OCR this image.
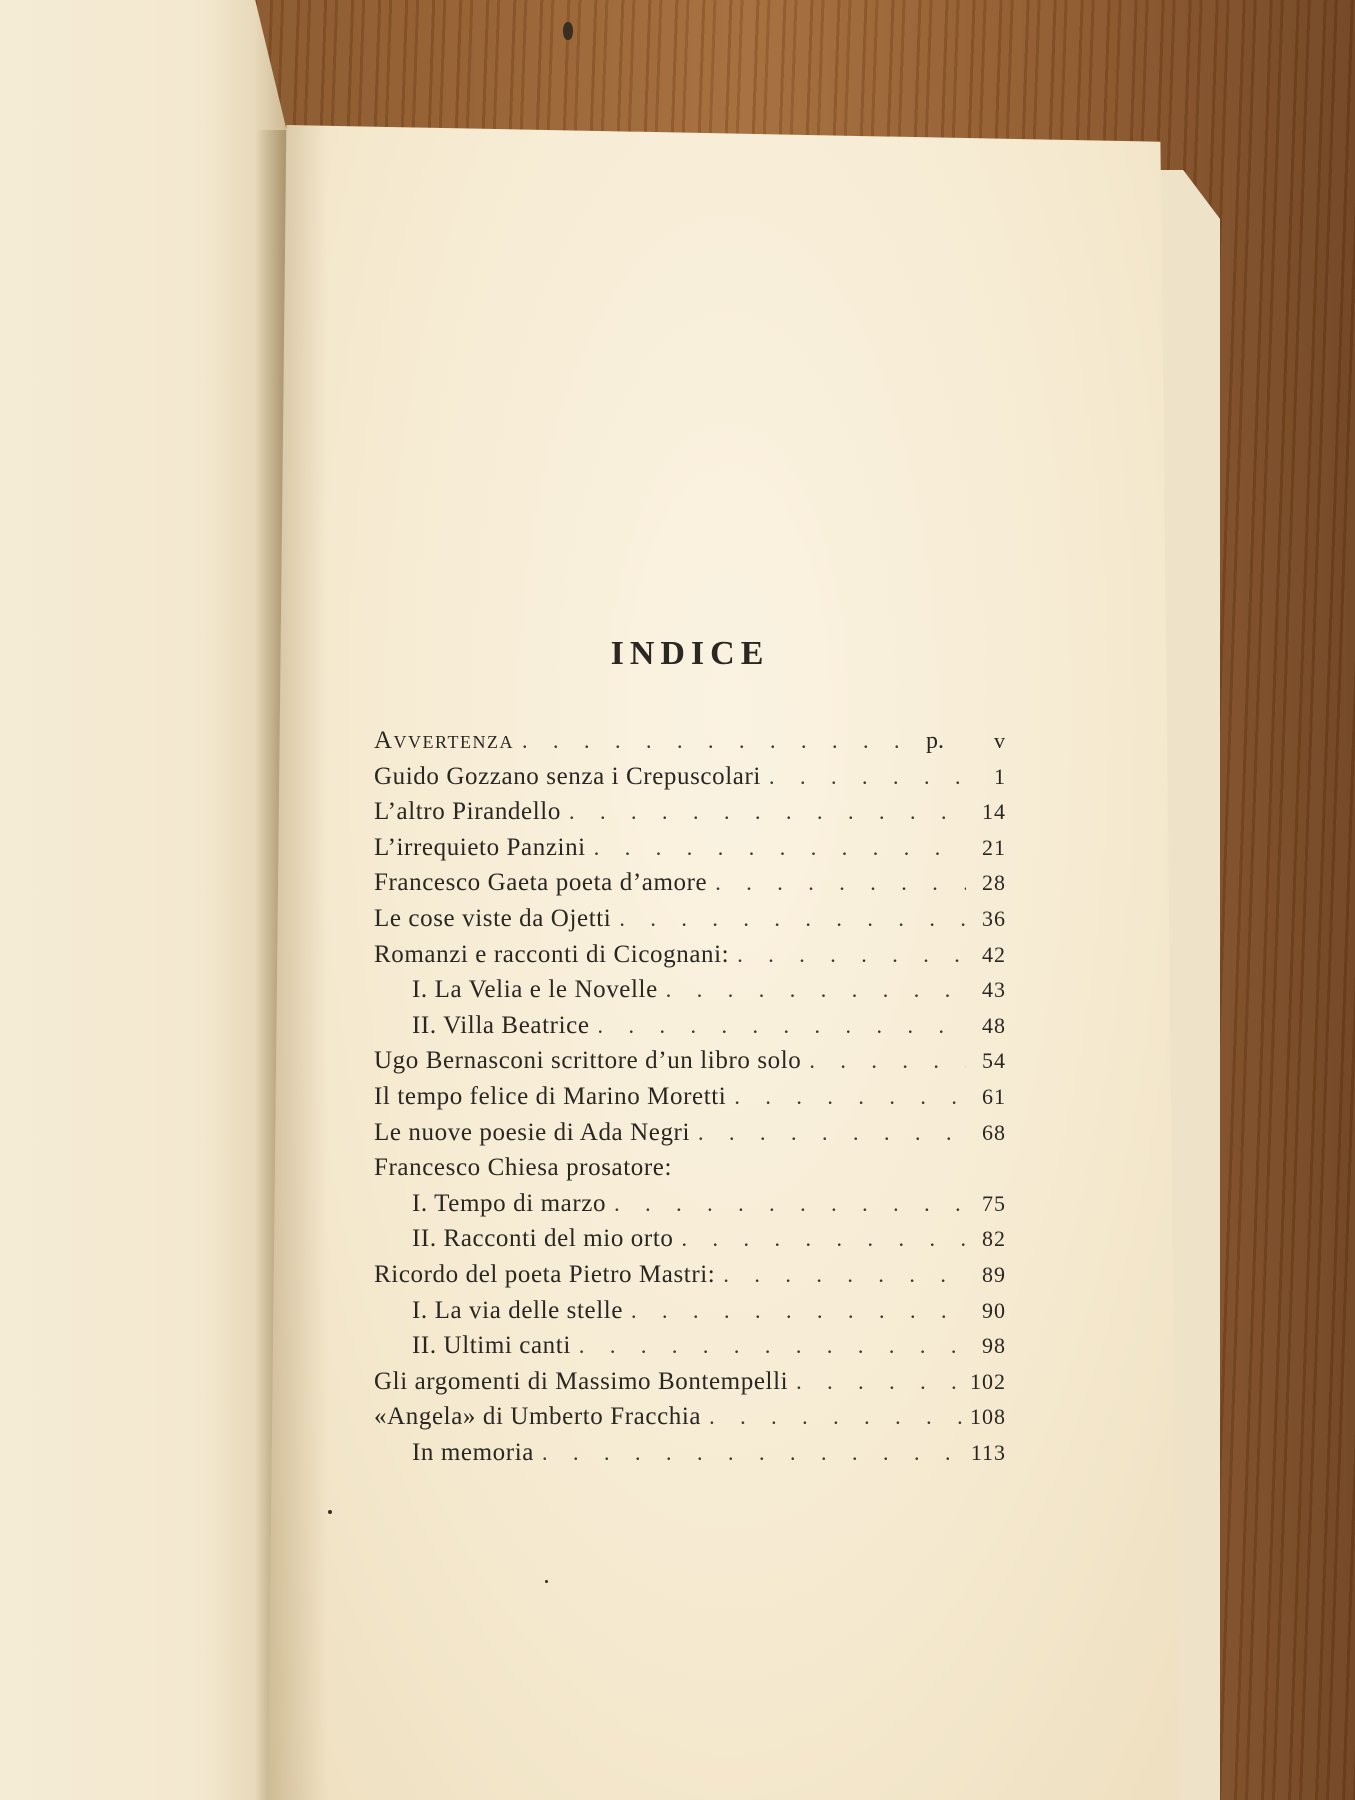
INDICE
Avvertenza . . .	p.	v
Guido Gozzano senza i Crepuscolari . . .	1
L’altro Pirandello . . .	14
L’irrequieto Panzini . . .	21
Francesco Gaeta poeta d’amore . . .	28
Le cose viste da Ojetti . . .	36
Romanzi e racconti di Cicognani: . . .	42
I. La Velia e le Novelle . . .	43
II. Villa Beatrice . . .	48
Ugo Bernasconi scrittore d’un libro solo . . .	54
Il tempo felice di Marino Moretti . . .	61
Le nuove poesie di Ada Negri . . .	68
Francesco Chiesa prosatore:
I. Tempo di marzo . . .	75
II. Racconti del mio orto . . .	82
Ricordo del poeta Pietro Mastri: . . .	89
I. La via delle stelle . . .	90
II. Ultimi canti . . .	98
Gli argomenti di Massimo Bontempelli . . .	102
«Angela» di Umberto Fracchia . . .	108
In memoria . . .	113
